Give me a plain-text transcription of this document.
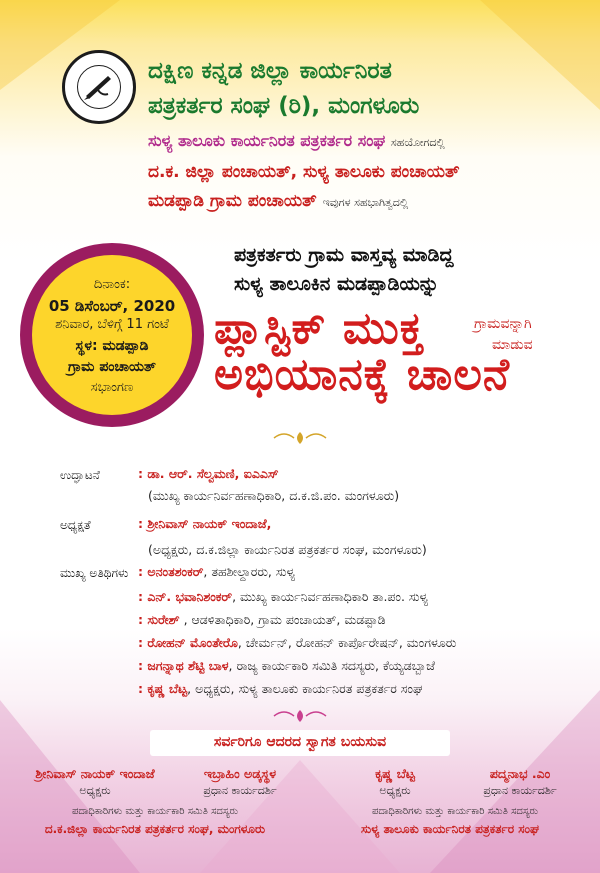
ದಕ್ಷಿಣ ಕನ್ನಡ ಜಿಲ್ಲಾ ಕಾರ್ಯನಿರತ
ಪತ್ರಕರ್ತರ ಸಂಘ (ರಿ), ಮಂಗಳೂರು
ಸುಳ್ಯ ತಾಲೂಕು ಕಾರ್ಯನಿರತ ಪತ್ರಕರ್ತರ ಸಂಘ ಸಹಯೋಗದಲ್ಲಿ
ದ.ಕ. ಜಿಲ್ಲಾ ಪಂಚಾಯತ್, ಸುಳ್ಯ ತಾಲೂಕು ಪಂಚಾಯತ್
ಮಡಪ್ಪಾಡಿ ಗ್ರಾಮ ಪಂಚಾಯತ್ ಇವುಗಳ ಸಹಭಾಗಿತ್ವದಲ್ಲಿ
ದಿನಾಂಕ:
05 ಡಿಸೆಂಬರ್, 2020
ಶನಿವಾರ, ಬೆಳಿಗ್ಗೆ 11 ಗಂಟೆ
ಸ್ಥಳ: ಮಡಪ್ಪಾಡಿ
ಗ್ರಾಮ ಪಂಚಾಯತ್
ಸಭಾಂಗಣ
ಪತ್ರಕರ್ತರು ಗ್ರಾಮ ವಾಸ್ತವ್ಯ ಮಾಡಿದ್ದ
ಸುಳ್ಯ ತಾಲೂಕಿನ ಮಡಪ್ಪಾಡಿಯನ್ನು
ಪ್ಲಾಸ್ಟಿಕ್ ಮುಕ್ತ	ಗ್ರಾಮವನ್ನಾಗಿ
ಮಾಡುವ
ಅಭಿಯಾನಕ್ಕೆ ಚಾಲನೆ
ಉದ್ಘಾಟನೆ	: ಡಾ. ಆರ್. ಸೆಲ್ವಮಣಿ, ಐಎಎಸ್
(ಮುಖ್ಯ ಕಾರ್ಯನಿರ್ವಹಣಾಧಿಕಾರಿ, ದ.ಕ.ಜಿ.ಪಂ. ಮಂಗಳೂರು)
ಅಧ್ಯಕ್ಷತೆ	: ಶ್ರೀನಿವಾಸ್ ನಾಯಕ್ ಇಂದಾಜೆ,
(ಅಧ್ಯಕ್ಷರು, ದ.ಕ.ಜಿಲ್ಲಾ ಕಾರ್ಯನಿರತ ಪತ್ರಕರ್ತರ ಸಂಘ, ಮಂಗಳೂರು)
ಮುಖ್ಯ ಅತಿಥಿಗಳು : ಅನಂತಶಂಕರ್, ತಹಶೀಲ್ದಾರರು, ಸುಳ್ಯ
: ಎನ್. ಭವಾನಿಶಂಕರ್, ಮುಖ್ಯ ಕಾರ್ಯನಿರ್ವಹಣಾಧಿಕಾರಿ ತಾ.ಪಂ. ಸುಳ್ಯ
: ಸುರೇಶ್ , ಆಡಳಿತಾಧಿಕಾರಿ, ಗ್ರಾಮ ಪಂಚಾಯತ್, ಮಡಪ್ಪಾಡಿ
: ರೋಹನ್ ಮೊಂತೇರೊ, ಚೇರ್ಮನ್, ರೋಹನ್ ಕಾರ್ಪೊರೇಷನ್, ಮಂಗಳೂರು
: ಜಗನ್ನಾಥ ಶೆಟ್ಟಿ ಬಾಳ, ರಾಜ್ಯ ಕಾರ್ಯಕಾರಿ ಸಮಿತಿ ಸದಸ್ಯರು, ಕೆಯ್ಯಡಬ್ಬಾಜೆ
: ಕೃಷ್ಣ ಬೆಟ್ಟ, ಅಧ್ಯಕ್ಷರು, ಸುಳ್ಯ ತಾಲೂಕು ಕಾರ್ಯನಿರತ ಪತ್ರಕರ್ತರ ಸಂಘ
ಸರ್ವರಿಗೂ ಆದರದ ಸ್ವಾಗತ ಬಯಸುವ
ಶ್ರೀನಿವಾಸ್ ನಾಯಕ್ ಇಂದಾಜೆ
ಅಧ್ಯಕ್ಷರು
ಇಬ್ರಾಹಿಂ ಅಡ್ಕಸ್ಥಳ
ಪ್ರಧಾನ ಕಾರ್ಯದರ್ಶಿ
ಕೃಷ್ಣ ಬೆಟ್ಟ
ಅಧ್ಯಕ್ಷರು
ಪದ್ಮನಾಭ .ಎಂ
ಪ್ರಧಾನ ಕಾರ್ಯದರ್ಶಿ
ಪದಾಧಿಕಾರಿಗಳು ಮತ್ತು ಕಾರ್ಯಕಾರಿ ಸಮಿತಿ ಸದಸ್ಯರು
ದ.ಕ.ಜಿಲ್ಲಾ ಕಾರ್ಯನಿರತ ಪತ್ರಕರ್ತರ ಸಂಘ, ಮಂಗಳೂರು
ಪದಾಧಿಕಾರಿಗಳು ಮತ್ತು ಕಾರ್ಯಕಾರಿ ಸಮಿತಿ ಸದಸ್ಯರು
ಸುಳ್ಯ ತಾಲೂಕು ಕಾರ್ಯನಿರತ ಪತ್ರಕರ್ತರ ಸಂಘ
